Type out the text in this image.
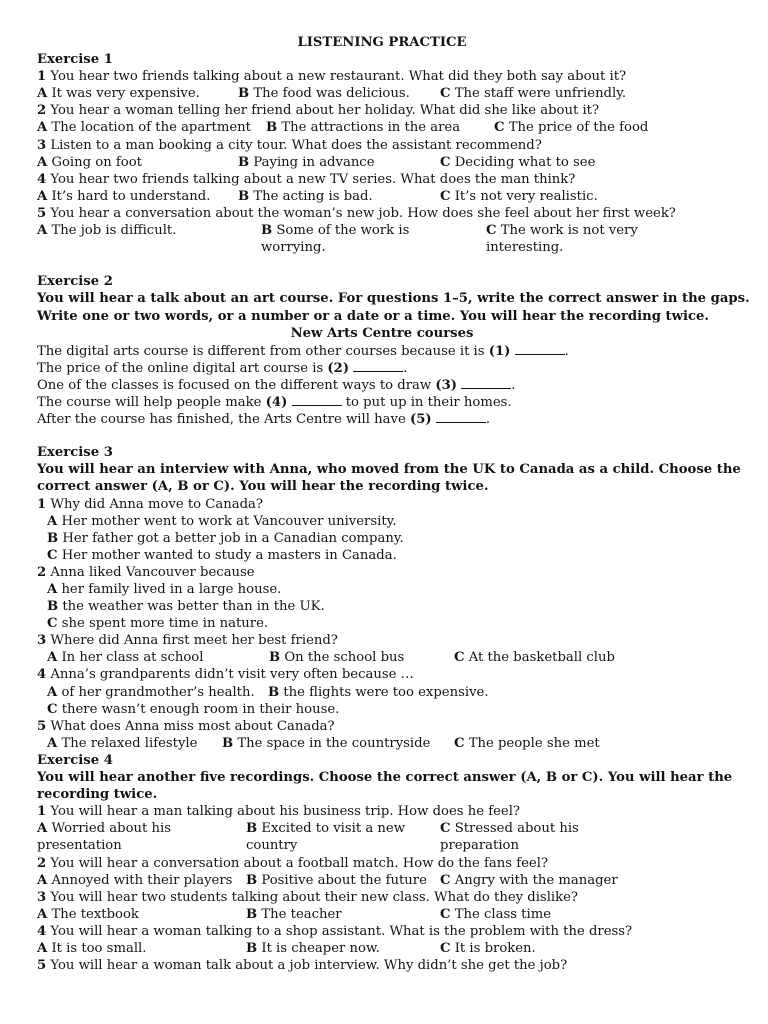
LISTENING PRACTICE
Exercise 1
1 You hear two friends talking about a new restaurant. What did they both say about it?
A It was very expensive.	B The food was delicious. C The staff were unfriendly.
2 You hear a woman telling her friend about her holiday. What did she like about it?
A The location of the apartment B The attractions in the area	C The price of the food
3 Listen to a man booking a city tour. What does the assistant recommend?
A Going on foot	B Paying in advance	C Deciding what to see
4 You hear two friends talking about a new TV series. What does the man think?
A It’s hard to understand. B The acting is bad.	C It’s not very realistic.
5 You hear a conversation about the woman’s new job. How does she feel about her first week?
A The job is difficult.	B Some of the work is	C The work is not very
worrying.	interesting.
Exercise 2
You will hear a talk about an art course. For questions 1–5, write the correct answer in the gaps.
Write one or two words, or a number or a date or a time. You will hear the recording twice.
New Arts Centre courses
The digital arts course is different from other courses because it is (1)	.
The price of the online digital art course is (2)	.
One of the classes is focused on the different ways to draw (3)	.
The course will help people make (4)	to put up in their homes.
After the course has finished, the Arts Centre will have (5)	.
Exercise 3
You will hear an interview with Anna, who moved from the UK to Canada as a child. Choose the
correct answer (A, B or C). You will hear the recording twice.
1 Why did Anna move to Canada?
A Her mother went to work at Vancouver university.
B Her father got a better job in a Canadian company.
C Her mother wanted to study a masters in Canada.
2 Anna liked Vancouver because
A her family lived in a large house.
B the weather was better than in the UK.
C she spent more time in nature.
3 Where did Anna first meet her best friend?
A In her class at school	B On the school bus	C At the basketball club
4 Anna’s grandparents didn’t visit very often because …
A of her grandmother’s health. B the flights were too expensive.
C there wasn’t enough room in their house.
5 What does Anna miss most about Canada?
A The relaxed lifestyle B The space in the countryside C The people she met
Exercise 4
You will hear another five recordings. Choose the correct answer (A, B or C). You will hear the
recording twice.
1 You will hear a man talking about his business trip. How does he feel?
A Worried about his	B Excited to visit a new	C Stressed about his
presentation	country	preparation
2 You will hear a conversation about a football match. How do the fans feel?
A Annoyed with their players B Positive about the future C Angry with the manager
3 You will hear two students talking about their new class. What do they dislike?
A The textbook	B The teacher	C The class time
4 You will hear a woman talking to a shop assistant. What is the problem with the dress?
A It is too small.	B It is cheaper now.	C It is broken.
5 You will hear a woman talk about a job interview. Why didn’t she get the job?
